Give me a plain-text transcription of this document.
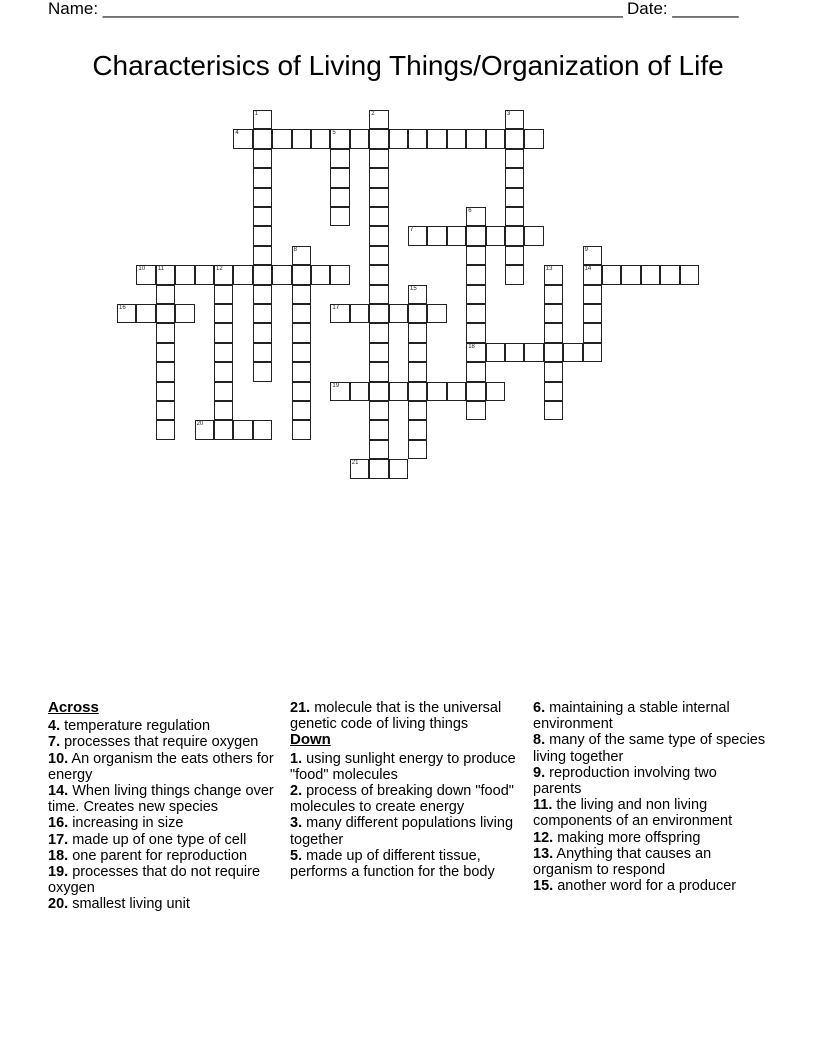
Name: _______________________________________________________ Date: _______
Characterisics of Living Things/Organization of Life
1	2	3
4	5
6
18
7
8	9
14
10 11	12	13
15
16	17
19
20
21
Across
4. temperature regulation
7. processes that require oxygen
10. An organism the eats others for energy
14. When living things change over time. Creates new species
16. increasing in size
17. made up of one type of cell
18. one parent for reproduction
19. processes that do not require oxygen
20. smallest living unit
21. molecule that is the universal genetic code of living things
Down
1. using sunlight energy to produce "food" molecules
2. process of breaking down "food" molecules to create energy
3. many different populations living together
5. made up of different tissue, performs a function for the body
6. maintaining a stable internal environment
8. many of the same type of species living together
9. reproduction involving two parents
11. the living and non living components of an environment
12. making more offspring
13. Anything that causes an organism to respond
15. another word for a producer
